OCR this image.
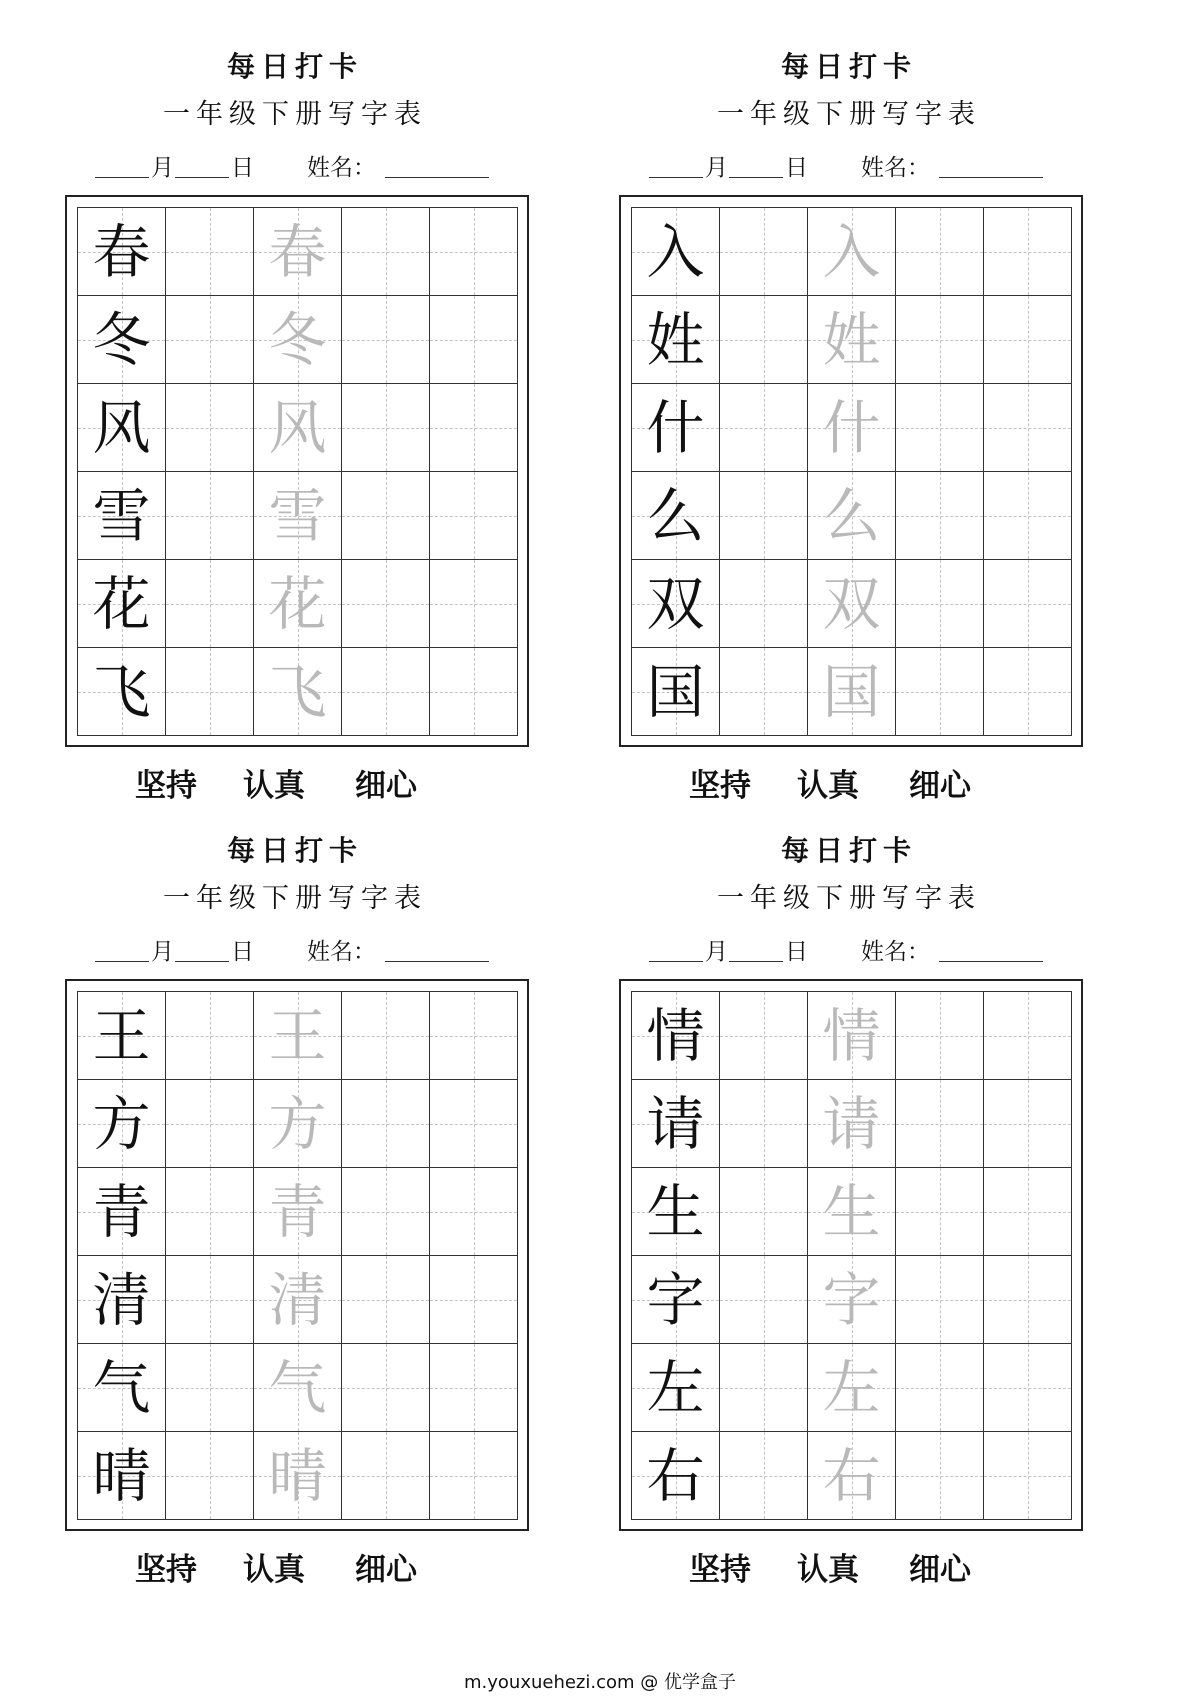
每日打卡
一年级下册写字表
月 日 姓名：
春 春
冬 冬
风 风
雪 雪
花 花
飞 飞
坚持 认真 细心
每日打卡
一年级下册写字表
月 日 姓名：
入 入
姓 姓
什 什
么 么
双 双
国 国
坚持 认真 细心
每日打卡
一年级下册写字表
月 日 姓名：
王 王
方 方
青 青
清 清
气 气
晴 晴
坚持 认真 细心
每日打卡
一年级下册写字表
月 日 姓名：
情 情
请 请
生 生
字 字
左 左
右 右
坚持 认真 细心
m.youxuehezi.com @ 优学盒子
